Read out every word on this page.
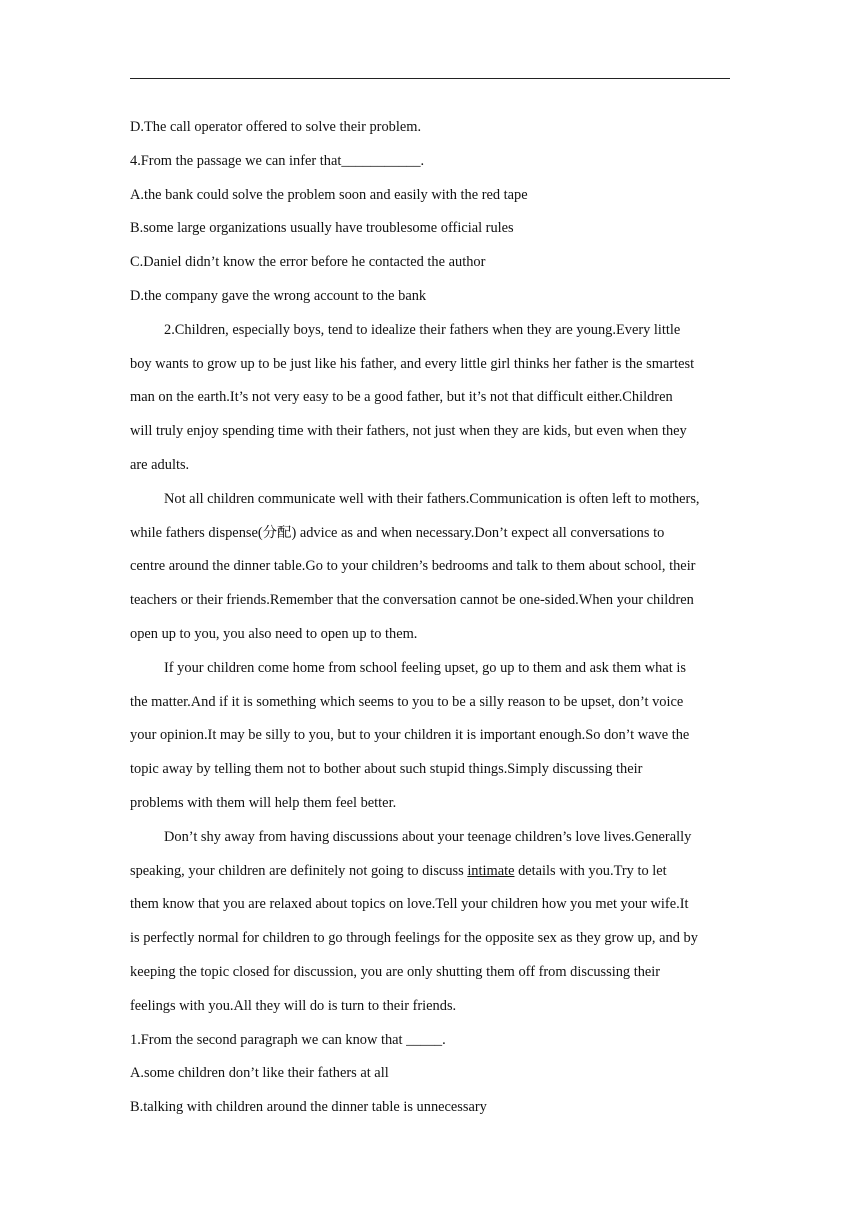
D.The call operator offered to solve their problem.
4.From the passage we can infer that___________.
A.the bank could solve the problem soon and easily with the red tape
B.some large organizations usually have troublesome official rules
C.Daniel didn’t know the error before he contacted the author
D.the company gave the wrong account to the bank
2.Children, especially boys, tend to idealize their fathers when they are young.Every little
boy wants to grow up to be just like his father, and every little girl thinks her father is the smartest
man on the earth.It’s not very easy to be a good father, but it’s not that difficult either.Children
will truly enjoy spending time with their fathers, not just when they are kids, but even when they
are adults.
Not all children communicate well with their fathers.Communication is often left to mothers,
while fathers dispense(分配) advice as and when necessary.Don’t expect all conversations to
centre around the dinner table.Go to your children’s bedrooms and talk to them about school, their
teachers or their friends.Remember that the conversation cannot be one-sided.When your children
open up to you, you also need to open up to them.
If your children come home from school feeling upset, go up to them and ask them what is
the matter.And if it is something which seems to you to be a silly reason to be upset, don’t voice
your opinion.It may be silly to you, but to your children it is important enough.So don’t wave the
topic away by telling them not to bother about such stupid things.Simply discussing their
problems with them will help them feel better.
Don’t shy away from having discussions about your teenage children’s love lives.Generally
speaking, your children are definitely not going to discuss intimate details with you.Try to let
them know that you are relaxed about topics on love.Tell your children how you met your wife.It
is perfectly normal for children to go through feelings for the opposite sex as they grow up, and by
keeping the topic closed for discussion, you are only shutting them off from discussing their
feelings with you.All they will do is turn to their friends.
1.From the second paragraph we can know that _____.
A.some children don’t like their fathers at all
B.talking with children around the dinner table is unnecessary
